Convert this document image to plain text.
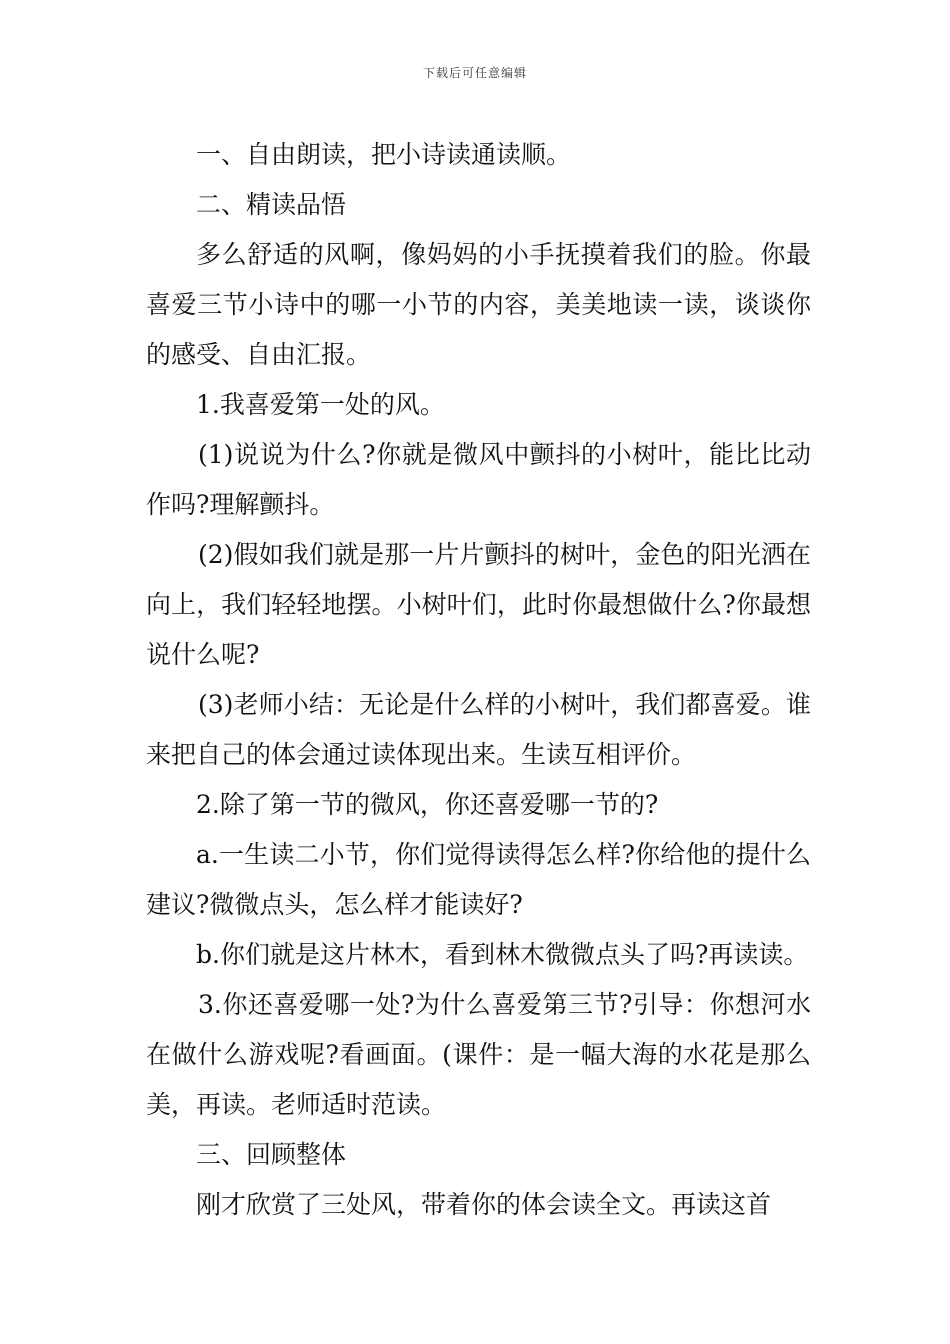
下载后可任意编辑

一、自由朗读，把小诗读通读顺。

二、精读品悟

多么舒适的风啊，像妈妈的小手抚摸着我们的脸。你最喜爱三节小诗中的哪一小节的内容，美美地读一读，谈谈你的感受、自由汇报。

1.我喜爱第一处的风。

(1)说说为什么?你就是微风中颤抖的小树叶，能比比动作吗?理解颤抖。

(2)假如我们就是那一片片颤抖的树叶，金色的阳光洒在向上，我们轻轻地摆。小树叶们，此时你最想做什么?你最想说什么呢?

(3)老师小结：无论是什么样的小树叶，我们都喜爱。谁来把自己的体会通过读体现出来。生读互相评价。

2.除了第一节的微风，你还喜爱哪一节的?

a.一生读二小节，你们觉得读得怎么样?你给他的提什么建议?微微点头，怎么样才能读好?

b.你们就是这片林木，看到林木微微点头了吗?再读读。

3.你还喜爱哪一处?为什么喜爱第三节?引导：你想河水在做什么游戏呢?看画面。(课件：是一幅大海的水花是那么美，再读。老师适时范读。

三、回顾整体

刚才欣赏了三处风，带着你的体会读全文。再读这首
